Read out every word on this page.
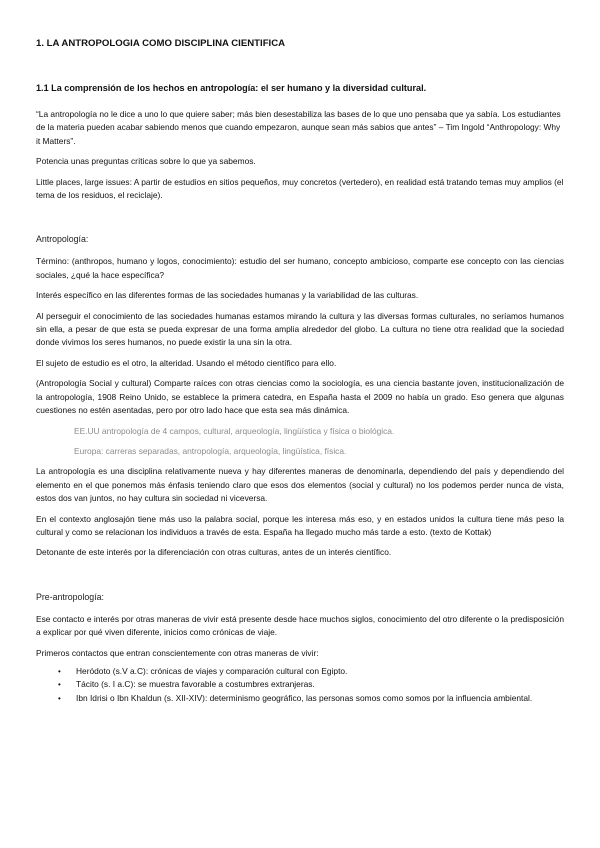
1. LA ANTROPOLOGIA COMO DISCIPLINA CIENTIFICA
1.1 La comprensión de los hechos en antropología: el ser humano y la diversidad cultural.

“La antropología no le dice a uno lo que quiere saber; más bien desestabiliza las bases de lo que uno pensaba que ya sabía. Los estudiantes de la materia pueden acabar sabiendo menos que cuando empezaron, aunque sean más sabios que antes” – Tim Ingold “Anthropology: Why it Matters”.

Potencia unas preguntas críticas sobre lo que ya sabemos.

Little places, large issues: A partir de estudios en sitios pequeños, muy concretos (vertedero), en realidad está tratando temas muy amplios (el tema de los residuos, el reciclaje).

Antropología:

Término: (anthropos, humano y logos, conocimiento): estudio del ser humano, concepto ambicioso, comparte ese concepto con las ciencias sociales, ¿qué la hace específica?

Interés específico en las diferentes formas de las sociedades humanas y la variabilidad de las culturas.

Al perseguir el conocimiento de las sociedades humanas estamos mirando la cultura y las diversas formas culturales, no seríamos humanos sin ella, a pesar de que esta se pueda expresar de una forma amplia alrededor del globo. La cultura no tiene otra realidad que la sociedad donde vivimos los seres humanos, no puede existir la una sin la otra.

El sujeto de estudio es el otro, la alteridad. Usando el método científico para ello.

(Antropología Social y cultural) Comparte raíces con otras ciencias como la sociología, es una ciencia bastante joven, institucionalización de la antropología, 1908 Reino Unido, se establece la primera catedra, en España hasta el 2009 no había un grado. Eso genera que algunas cuestiones no estén asentadas, pero por otro lado hace que esta sea más dinámica.

EE.UU antropología de 4 campos, cultural, arqueología, lingüística y física o biológica.

Europa: carreras separadas, antropología, arqueología, lingüística, física.

La antropología es una disciplina relativamente nueva y hay diferentes maneras de denominarla, dependiendo del país y dependiendo del elemento en el que ponemos más énfasis teniendo claro que esos dos elementos (social y cultural) no los podemos perder nunca de vista, estos dos van juntos, no hay cultura sin sociedad ni viceversa.

En el contexto anglosajón tiene más uso la palabra social, porque les interesa más eso, y en estados unidos la cultura tiene más peso la cultural y como se relacionan los individuos a través de esta. España ha llegado mucho más tarde a esto. (texto de Kottak)

Detonante de este interés por la diferenciación con otras culturas, antes de un interés científico.

Pre-antropología:

Ese contacto e interés por otras maneras de vivir está presente desde hace muchos siglos, conocimiento del otro diferente o la predisposición a explicar por qué viven diferente, inicios como crónicas de viaje.

Primeros contactos que entran conscientemente con otras maneras de vivir:

• Heródoto (s.V a.C): crónicas de viajes y comparación cultural con Egipto.
• Tácito (s. I a.C): se muestra favorable a costumbres extranjeras.
• Ibn Idrisi o Ibn Khaldun (s. XII-XIV): determinismo geográfico, las personas somos como somos por la influencia ambiental.
